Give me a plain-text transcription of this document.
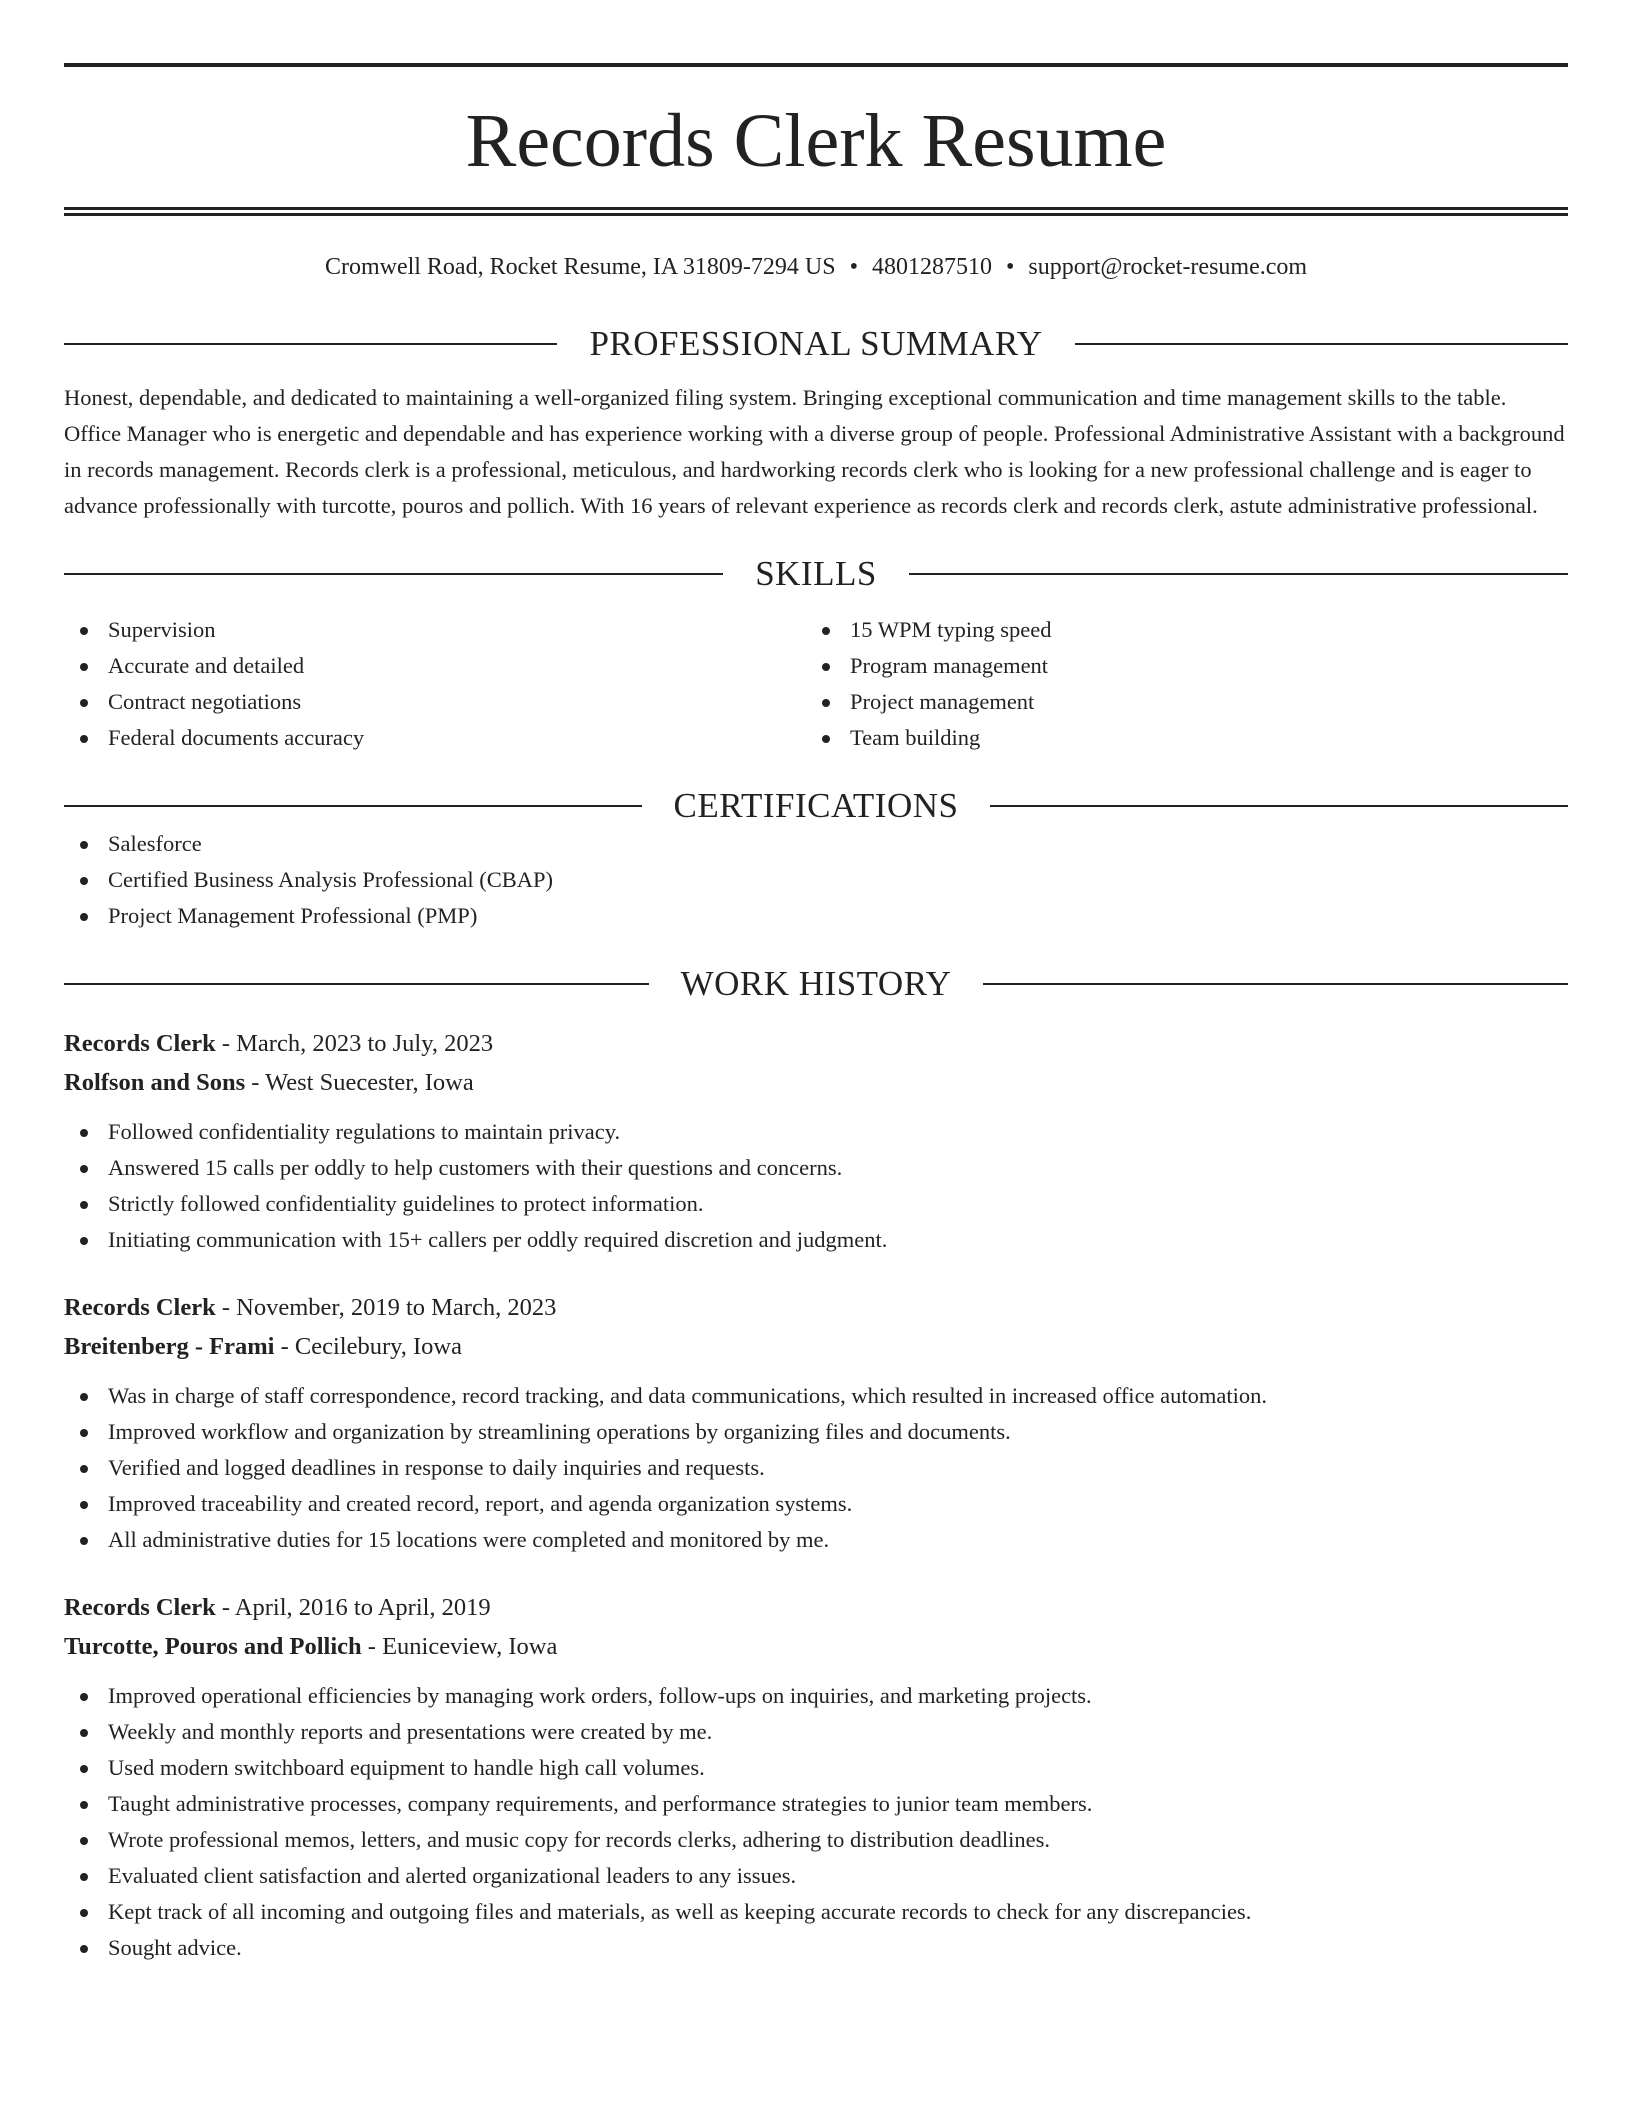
Records Clerk Resume
Cromwell Road, Rocket Resume, IA 31809-7294 US • 4801287510 • support@rocket-resume.com
PROFESSIONAL SUMMARY

Honest, dependable, and dedicated to maintaining a well-organized filing system. Bringing exceptional communication and time management skills to the table. Office Manager who is energetic and dependable and has experience working with a diverse group of people. Professional Administrative Assistant with a background in records management. Records clerk is a professional, meticulous, and hardworking records clerk who is looking for a new professional challenge and is eager to advance professionally with turcotte, pouros and pollich. With 16 years of relevant experience as records clerk and records clerk, astute administrative professional.

SKILLS
Supervision
Accurate and detailed
Contract negotiations
Federal documents accuracy
15 WPM typing speed
Program management
Project management
Team building
CERTIFICATIONS
Salesforce
Certified Business Analysis Professional (CBAP)
Project Management Professional (PMP)
WORK HISTORY
Records Clerk - March, 2023 to July, 2023
Rolfson and Sons - West Suecester, Iowa
Followed confidentiality regulations to maintain privacy.
Answered 15 calls per oddly to help customers with their questions and concerns.
Strictly followed confidentiality guidelines to protect information.
Initiating communication with 15+ callers per oddly required discretion and judgment.
Records Clerk - November, 2019 to March, 2023
Breitenberg - Frami - Cecilebury, Iowa
Was in charge of staff correspondence, record tracking, and data communications, which resulted in increased office automation.
Improved workflow and organization by streamlining operations by organizing files and documents.
Verified and logged deadlines in response to daily inquiries and requests.
Improved traceability and created record, report, and agenda organization systems.
All administrative duties for 15 locations were completed and monitored by me.
Records Clerk - April, 2016 to April, 2019
Turcotte, Pouros and Pollich - Euniceview, Iowa
Improved operational efficiencies by managing work orders, follow-ups on inquiries, and marketing projects.
Weekly and monthly reports and presentations were created by me.
Used modern switchboard equipment to handle high call volumes.
Taught administrative processes, company requirements, and performance strategies to junior team members.
Wrote professional memos, letters, and music copy for records clerks, adhering to distribution deadlines.
Evaluated client satisfaction and alerted organizational leaders to any issues.
Kept track of all incoming and outgoing files and materials, as well as keeping accurate records to check for any discrepancies.
Sought advice.
